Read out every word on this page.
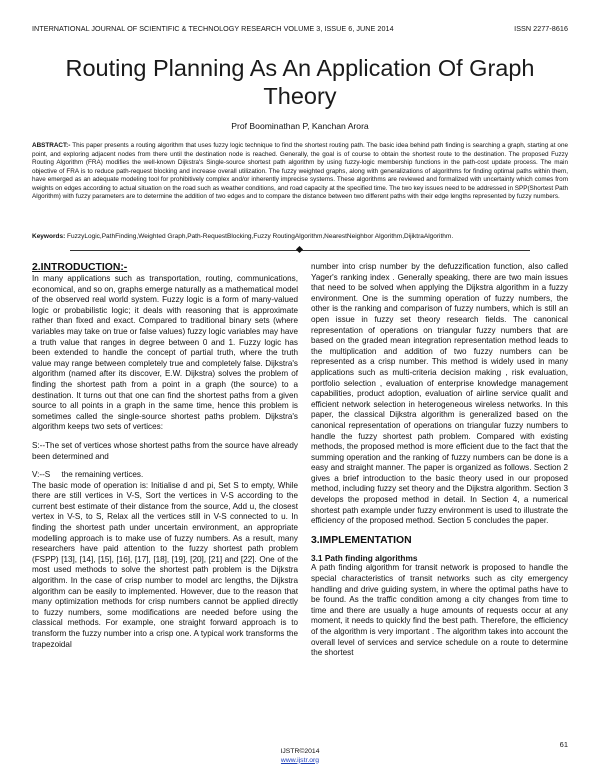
INTERNATIONAL JOURNAL OF SCIENTIFIC & TECHNOLOGY RESEARCH VOLUME 3, ISSUE 6, JUNE 2014	ISSN 2277-8616
Routing Planning As An Application Of Graph Theory
Prof Boominathan P, Kanchan Arora
ABSTRACT:- This paper presents a routing algorithm that uses fuzzy logic technique to find the shortest routing path. The basic idea behind path finding is searching a graph, starting at one point, and exploring adjacent nodes from there until the destination node is reached. Generally, the goal is of course to obtain the shortest route to the destination. The proposed Fuzzy Routing Algorithm (FRA) modifies the well-known Dijkstra's Single-source shortest path algorithm by using fuzzy-logic membership functions in the path-cost update process. The main objective of FRA is to reduce path-request blocking and increase overall utilization. The fuzzy weighted graphs, along with generalizations of algorithms for finding optimal paths within them, have emerged as an adequate modeling tool for prohibitively complex and/or inherently imprecise systems. These algorithms are reviewed and formalized with uncertainty which comes from weights on edges according to actual situation on the road such as weather conditions, and road capacity at the specified time. The two key issues need to be addressed in SPP(Shortest Path Algorithm) with fuzzy parameters are to determine the addition of two edges and to compare the distance between two different paths with their edge lengths represented by fuzzy numbers.
Keywords: FuzzyLogic,PathFinding,Weighted Graph,Path-RequestBlocking,Fuzzy RoutingAlgorithm,NearestNeighbor Algorithm,DijiktraAlgorithm.
2.INTRODUCTION:-

In many applications such as transportation, routing, communications, economical, and so on, graphs emerge naturally as a mathematical model of the observed real world system. Fuzzy logic is a form of many-valued logic or probabilistic logic; it deals with reasoning that is approximate rather than fixed and exact. Compared to traditional binary sets (where variables may take on true or false values) fuzzy logic variables may have a truth value that ranges in degree between 0 and 1. Fuzzy logic has been extended to handle the concept of partial truth, where the truth value may range between completely true and completely false. Dijkstra's algorithm (named after its discover, E.W. Dijkstra) solves the problem of finding the shortest path from a point in a graph (the source) to a destination. It turns out that one can find the shortest paths from a given source to all points in a graph in the same time, hence this problem is sometimes called the single-source shortest paths problem. Dijkstra's algorithm keeps two sets of vertices:

S:--The set of vertices whose shortest paths from the source have already been determined and

V:--S     the remaining vertices.

The basic mode of operation is: Initialise d and pi, Set S to empty, While there are still vertices in V-S, Sort the vertices in V-S according to the current best estimate of their distance from the source, Add u, the closest vertex in V-S, to S, Relax all the vertices still in V-S connected to u. In finding the shortest path under uncertain environment, an appropriate modelling approach is to make use of fuzzy numbers. As a result, many researchers have paid attention to the fuzzy shortest path problem (FSPP) [13], [14], [15], [16], [17], [18], [19], [20], [21] and [22]. One of the most used methods to solve the shortest path problem is the Dijkstra algorithm. In the case of crisp number to model arc lengths, the Dijkstra algorithm can be easily to implemented. However, due to the reason that many optimization methods for crisp numbers cannot be applied directly to fuzzy numbers, some modifications are needed before using the classical methods. For example, one straight forward approach is to transform the fuzzy number into a crisp one. A typical work transforms the trapezoidal

number into crisp number by the defuzzification function, also called Yager's ranking index . Generally speaking, there are two main issues that need to be solved when applying the Dijkstra algorithm in a fuzzy environment. One is the summing operation of fuzzy numbers, the other is the ranking and comparison of fuzzy numbers, which is still an open issue in fuzzy set theory research fields. The canonical representation of operations on triangular fuzzy numbers that are based on the graded mean integration representation method leads to the multiplication and addition of two fuzzy numbers can be represented as a crisp number. This method is widely used in many applications such as multi-criteria decision making , risk evaluation, portfolio selection , evaluation of enterprise knowledge management capabilities, product adoption, evaluation of airline service qualit and efficient network selection in heterogeneous wireless networks. In this paper, the classical Dijkstra algorithm is generalized based on the canonical representation of operations on triangular fuzzy numbers to handle the fuzzy shortest path problem. Compared with existing methods, the proposed method is more efficient due to the fact that the summing operation and the ranking of fuzzy numbers can be done is a easy and straight manner. The paper is organized as follows. Section 2 gives a brief introduction to the basic theory used in our proposed method, including fuzzy set theory and the Dijkstra algorithm. Section 3 develops the proposed method in detail. In Section 4, a numerical shortest path example under fuzzy environment is used to illustrate the efficiency of the proposed method. Section 5 concludes the paper.

3.IMPLEMENTATION
3.1 Path finding algorithms

A path finding algorithm for transit network is proposed to handle the special characteristics of transit networks such as city emergency handling and drive guiding system, in where the optimal paths have to be found. As the traffic condition among a city changes from time to time and there are usually a huge amounts of requests occur at any moment, it needs to quickly find the best path. Therefore, the efficiency of the algorithm is very important . The algorithm takes into account the overall level of services and service schedule on a route to determine the shortest

61
IJSTR©2014
www.ijstr.org
